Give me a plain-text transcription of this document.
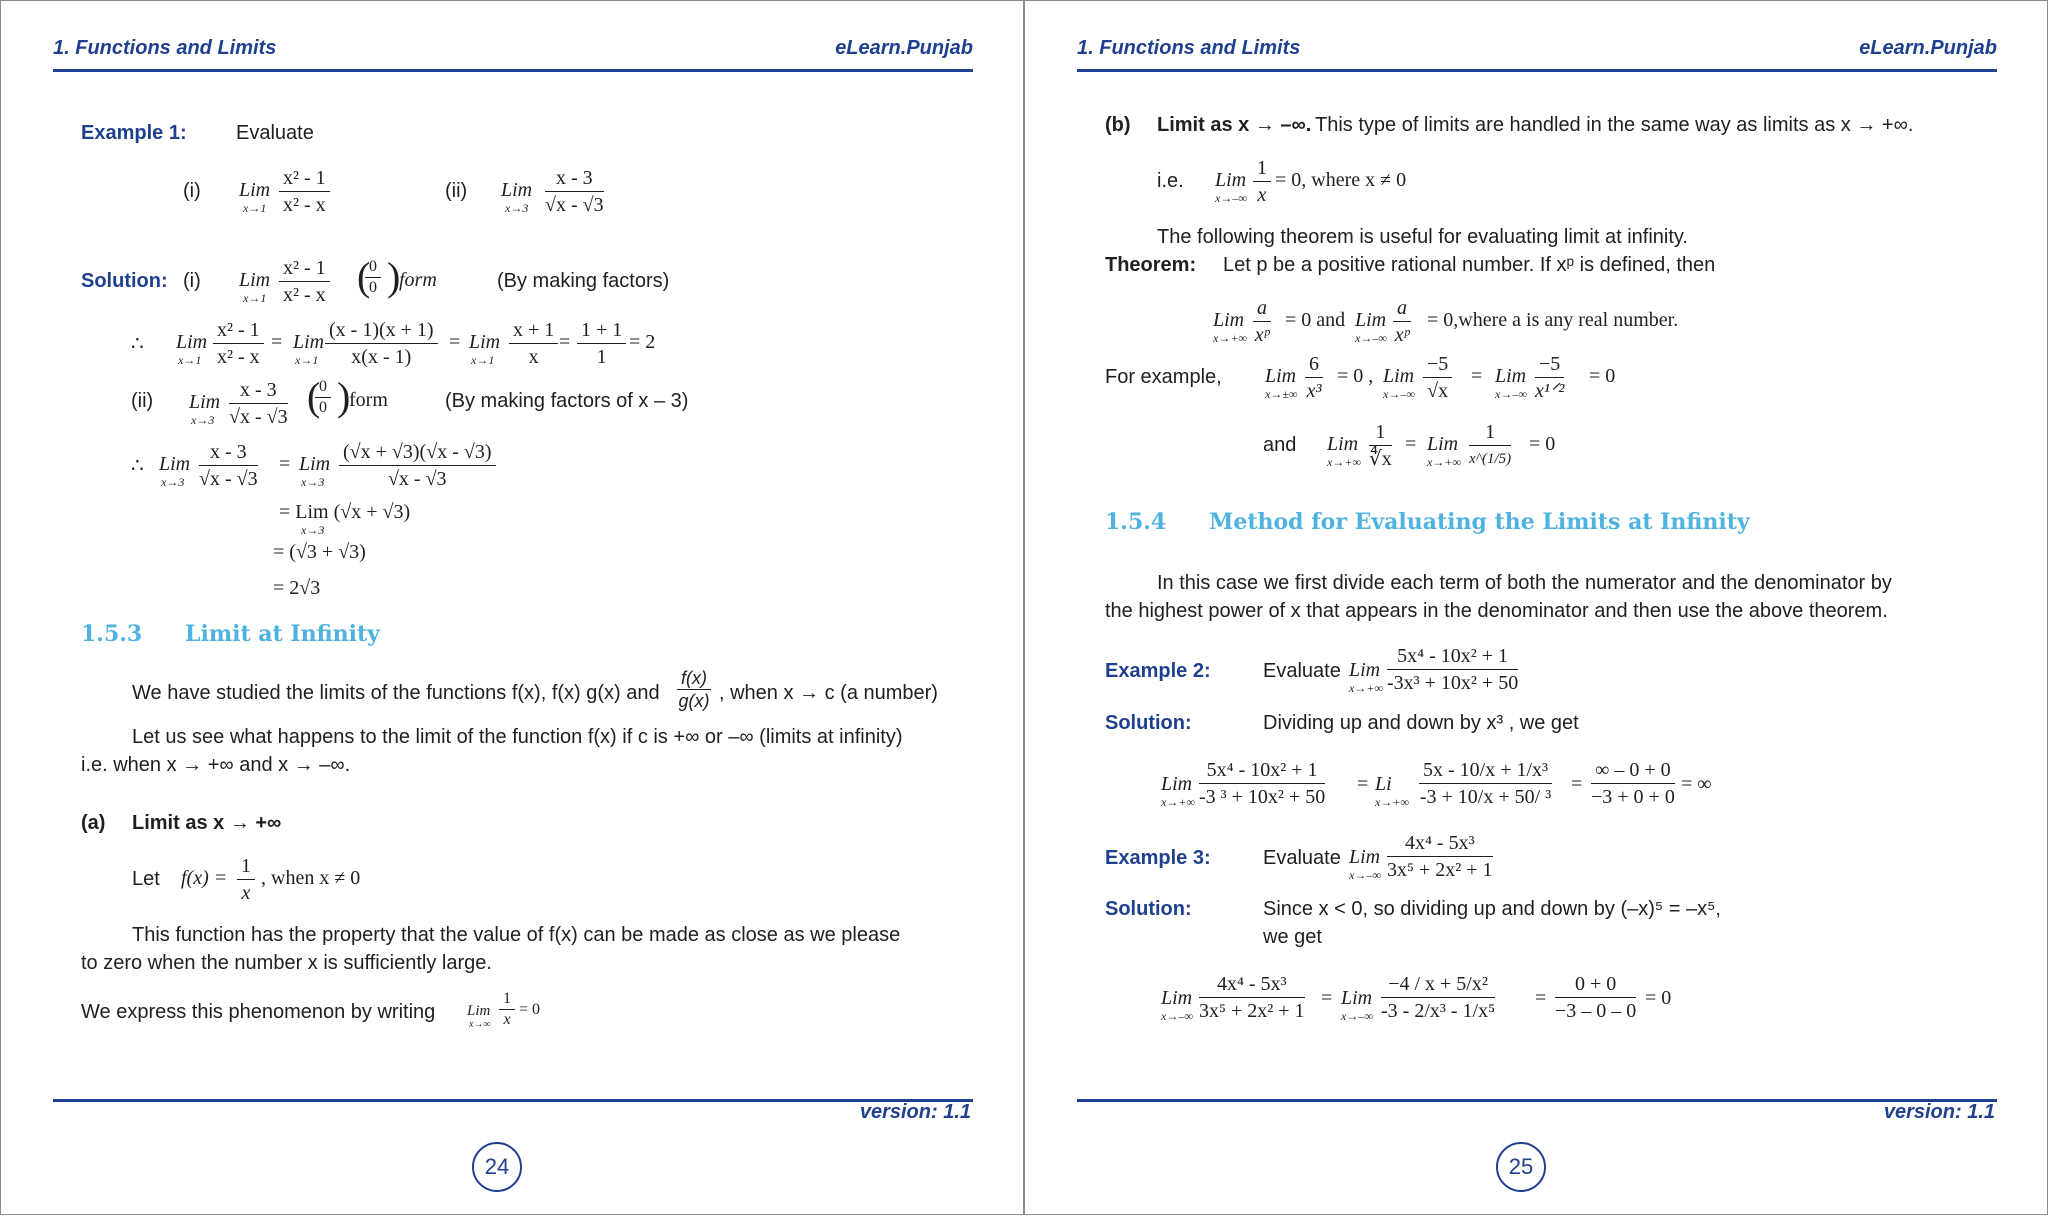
1. Functions and Limits	eLearn.Punjab
Example 1: Evaluate
(i) Lim
$x\to 1 \frac{\text{x² - 1}}{\text{x² - x}}$	(ii) Lim
$x\to 3 \frac{x - 3}{√x - √3}$
Solution: (i) Lim
$x\to 1 \frac{\text{x² - 1}}{\text{x² - x}}$ (
$\frac{0}{0}$ )
form	(By making factors)
∴ Lim
$x\to 1 \frac{\text{x² - 1}}{\text{x² - x}}$ = Lim
$x\to 1 \frac{(x - 1)(x + 1)}{x(x - 1)}$ = Lim
$x\to 1 \frac{x + 1}{x} = \frac{1 + 1}{1} = 2$
(ii) Lim
$x\to 3 \frac{x - 3}{√x - √3}$ (
$\frac{0}{0}$ )
form	(By making factors of x – 3)
∴ Lim
$x\to 3 \frac{x - 3}{√x - √3}$ = Lim
$x\to 3 \frac{(√x + √3)(√x - √3)}{√x - √3}$
= Lim (√x + √3)
x→3
= (√3 + √3)
= 2√3
1.5.3 Limit at Infinity
We have studied the limits of the functions f(x), f(x) g(x) and $\frac{f(x)}{g(x)}$ , when x → c (a number)
Let us see what happens to the limit of the function f(x) if c is +∞ or –∞ (limits at infinity)
i.e. when x → +∞ and x → –∞.
(a) Limit as x → +∞
Let $f(x) = \frac{1}{x}$ , when x ≠ 0
This function has the property that the value of f(x) can be made as close as we please
to zero when the number x is sufficiently large.
We express this phenomenon by writing Lim
$x\to\infty \frac{1}{x} = 0$
version: 1.1
24
1. Functions and Limits	eLearn.Punjab
(b) Limit as x → –∞. This type of limits are handled in the same way as limits as x → +∞.
i.e. Lim
$x\to-\infty \frac{1}{x} = 0$, where x ≠ 0
The following theorem is useful for evaluating limit at infinity.
Theorem: Let p be a positive rational number. If xᵖ is defined, then
Lim
$x\to+\infty \frac{a}{\text{xᵖ}} = 0$ and Lim
$x\to-\infty \frac{a}{\text{xᵖ}}$ = 0,where a is any real number.
For example, Lim
$x\to\pm\infty \frac{6}{\text{x³}} = 0$ , Lim
$x\to-\infty \frac{-5}{√x}$ = Lim
x→–∞
−5
x¹ᐟ²
= 0
and Lim
$x\to+\infty \frac{1}{∜x}$ = Lim
x→+∞
1
x^(1/5)
= 0
1.5.4 Method for Evaluating the Limits at Infinity
In this case we first divide each term of both the numerator and the denominator by
the highest power of x that appears in the denominator and then use the above theorem.
Example 2:	Evaluate Lim
$x\to+\infty \frac{\text{5x⁴ - 10x² + 1}}{\text{-3x³ + 10x² + 50}}$
Solution:	Dividing up and down by x³ , we get
Lim
$x\to+\infty \frac{\text{5x⁴ - 10x² + 1}}{\text{-3 ³ + 10x² + 50}} = Li$
$x\to+\infty \frac{\text{5x - 10/x + 1/x³}}{\text{-3 + 10/x + 50/ ³}} = \frac{\infty - 0 + 0}{-3 + 0 + 0}$ = ∞
Example 3:	Evaluate Lim
$x\to-\infty \frac{\text{4x⁴ - 5x³}}{\text{3x⁵ + 2x² + 1}}$
Solution:	Since x < 0, so dividing up and down by (–x)⁵ = –x⁵,
we get
Lim
$x\to-\infty \frac{\text{4x⁴ - 5x³}}{\text{3x⁵ + 2x² + 1}}$ = Lim
$x\to-\infty \frac{\text{−4 / x + 5/x²}}{\text{-3 - 2/x³ - 1/x⁵}} = \frac{0 + 0}{-3 - 0 - 0} = 0$
version: 1.1
25
